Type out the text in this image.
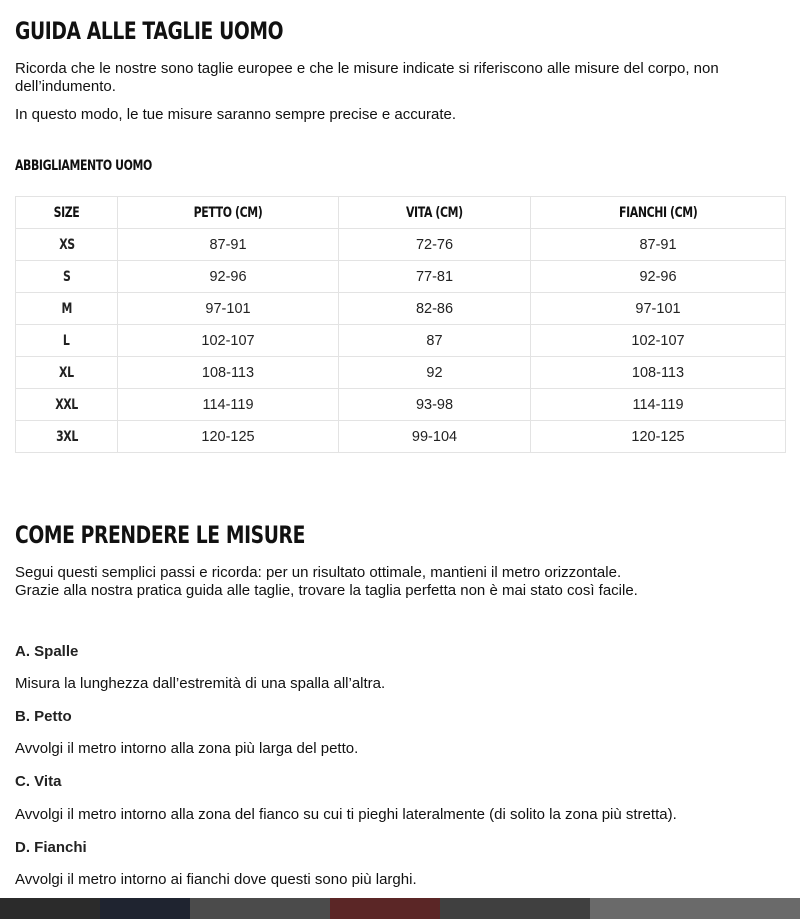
GUIDA ALLE TAGLIE UOMO

Ricorda che le nostre sono taglie europee e che le misure indicate si riferiscono alle misure del corpo, non dell’indumento.

In questo modo, le tue misure saranno sempre precise e accurate.

ABBIGLIAMENTO UOMO
SIZE	PETTO (CM)	VITA (CM)	FIANCHI (CM)
XS	87-91	72-76	87-91
S	92-96	77-81	92-96
M	97-101	82-86	97-101
L	102-107	87	102-107
XL	108-113	92	108-113
XXL	114-119	93-98	114-119
3XL	120-125	99-104	120-125
COME PRENDERE LE MISURE
Segui questi semplici passi e ricorda: per un risultato ottimale, mantieni il metro orizzontale.
Grazie alla nostra pratica guida alle taglie, trovare la taglia perfetta non è mai stato così facile.
A. Spalle
Misura la lunghezza dall’estremità di una spalla all’altra.
B. Petto
Avvolgi il metro intorno alla zona più larga del petto.
C. Vita
Avvolgi il metro intorno alla zona del fianco su cui ti pieghi lateralmente (di solito la zona più stretta).
D. Fianchi
Avvolgi il metro intorno ai fianchi dove questi sono più larghi.
